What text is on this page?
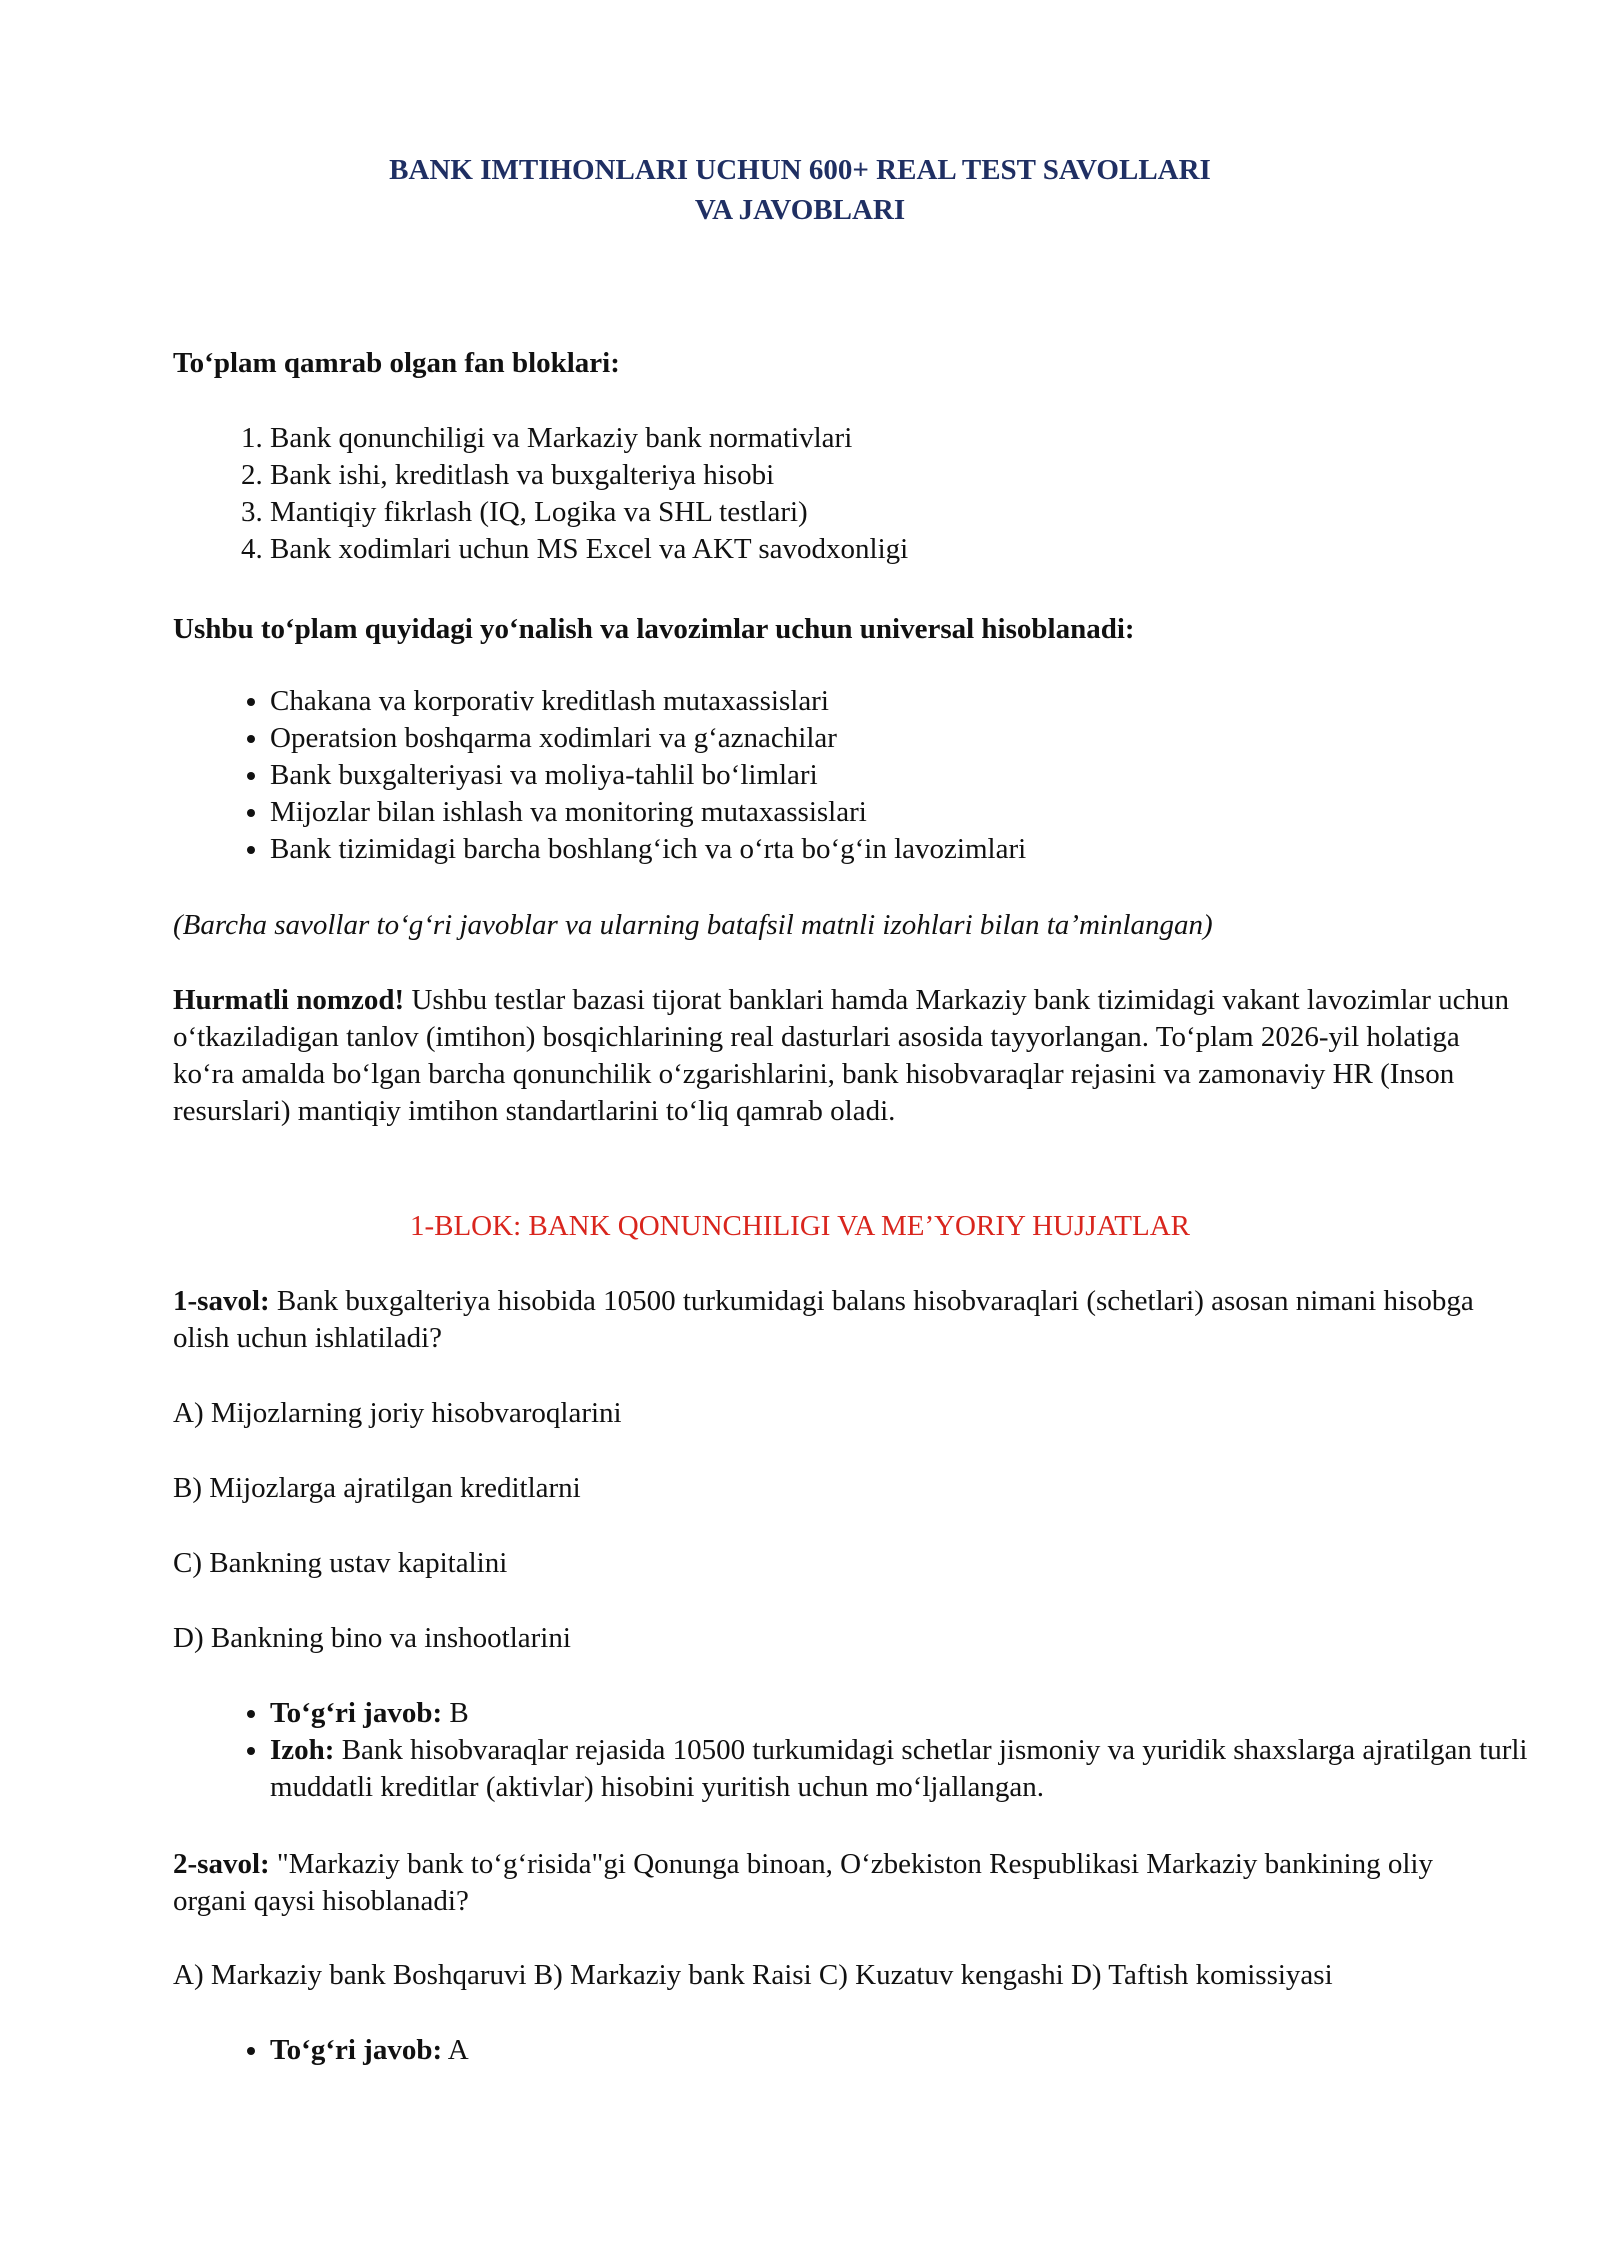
BANK IMTIHONLARI UCHUN 600+ REAL TEST SAVOLLARI
VA JAVOBLARI
To‘plam qamrab olgan fan bloklari:
1. Bank qonunchiligi va Markaziy bank normativlari
2. Bank ishi, kreditlash va buxgalteriya hisobi
3. Mantiqiy fikrlash (IQ, Logika va SHL testlari)
4. Bank xodimlari uchun MS Excel va AKT savodxonligi
Ushbu to‘plam quyidagi yo‘nalish va lavozimlar uchun universal hisoblanadi:
• Chakana va korporativ kreditlash mutaxassislari
• Operatsion boshqarma xodimlari va g‘aznachilar
• Bank buxgalteriyasi va moliya-tahlil bo‘limlari
• Mijozlar bilan ishlash va monitoring mutaxassislari
• Bank tizimidagi barcha boshlang‘ich va o‘rta bo‘g‘in lavozimlari
(Barcha savollar to‘g‘ri javoblar va ularning batafsil matnli izohlari bilan ta’minlangan)

Hurmatli nomzod! Ushbu testlar bazasi tijorat banklari hamda Markaziy bank tizimidagi vakant lavozimlar uchun o‘tkaziladigan tanlov (imtihon) bosqichlarining real dasturlari asosida tayyorlangan. To‘plam 2026-yil holatiga ko‘ra amalda bo‘lgan barcha qonunchilik o‘zgarishlarini, bank hisobvaraqlar rejasini va zamonaviy HR (Inson resurslari) mantiqiy imtihon standartlarini to‘liq qamrab oladi.

1-BLOK: BANK QONUNCHILIGI VA ME’YORIY HUJJATLAR

1-savol: Bank buxgalteriya hisobida 10500 turkumidagi balans hisobvaraqlari (schetlari) asosan nimani hisobga olish uchun ishlatiladi?

A) Mijozlarning joriy hisobvaroqlarini
B) Mijozlarga ajratilgan kreditlarni
C) Bankning ustav kapitalini
D) Bankning bino va inshootlarini
• To‘g‘ri javob: B
• Izoh: Bank hisobvaraqlar rejasida 10500 turkumidagi schetlar jismoniy va yuridik shaxslarga ajratilgan turli muddatli kreditlar (aktivlar) hisobini yuritish uchun mo‘ljallangan.

2-savol: "Markaziy bank to‘g‘risida"gi Qonunga binoan, O‘zbekiston Respublikasi Markaziy bankining oliy organi qaysi hisoblanadi?

A) Markaziy bank Boshqaruvi B) Markaziy bank Raisi C) Kuzatuv kengashi D) Taftish komissiyasi
• To‘g‘ri javob: A
